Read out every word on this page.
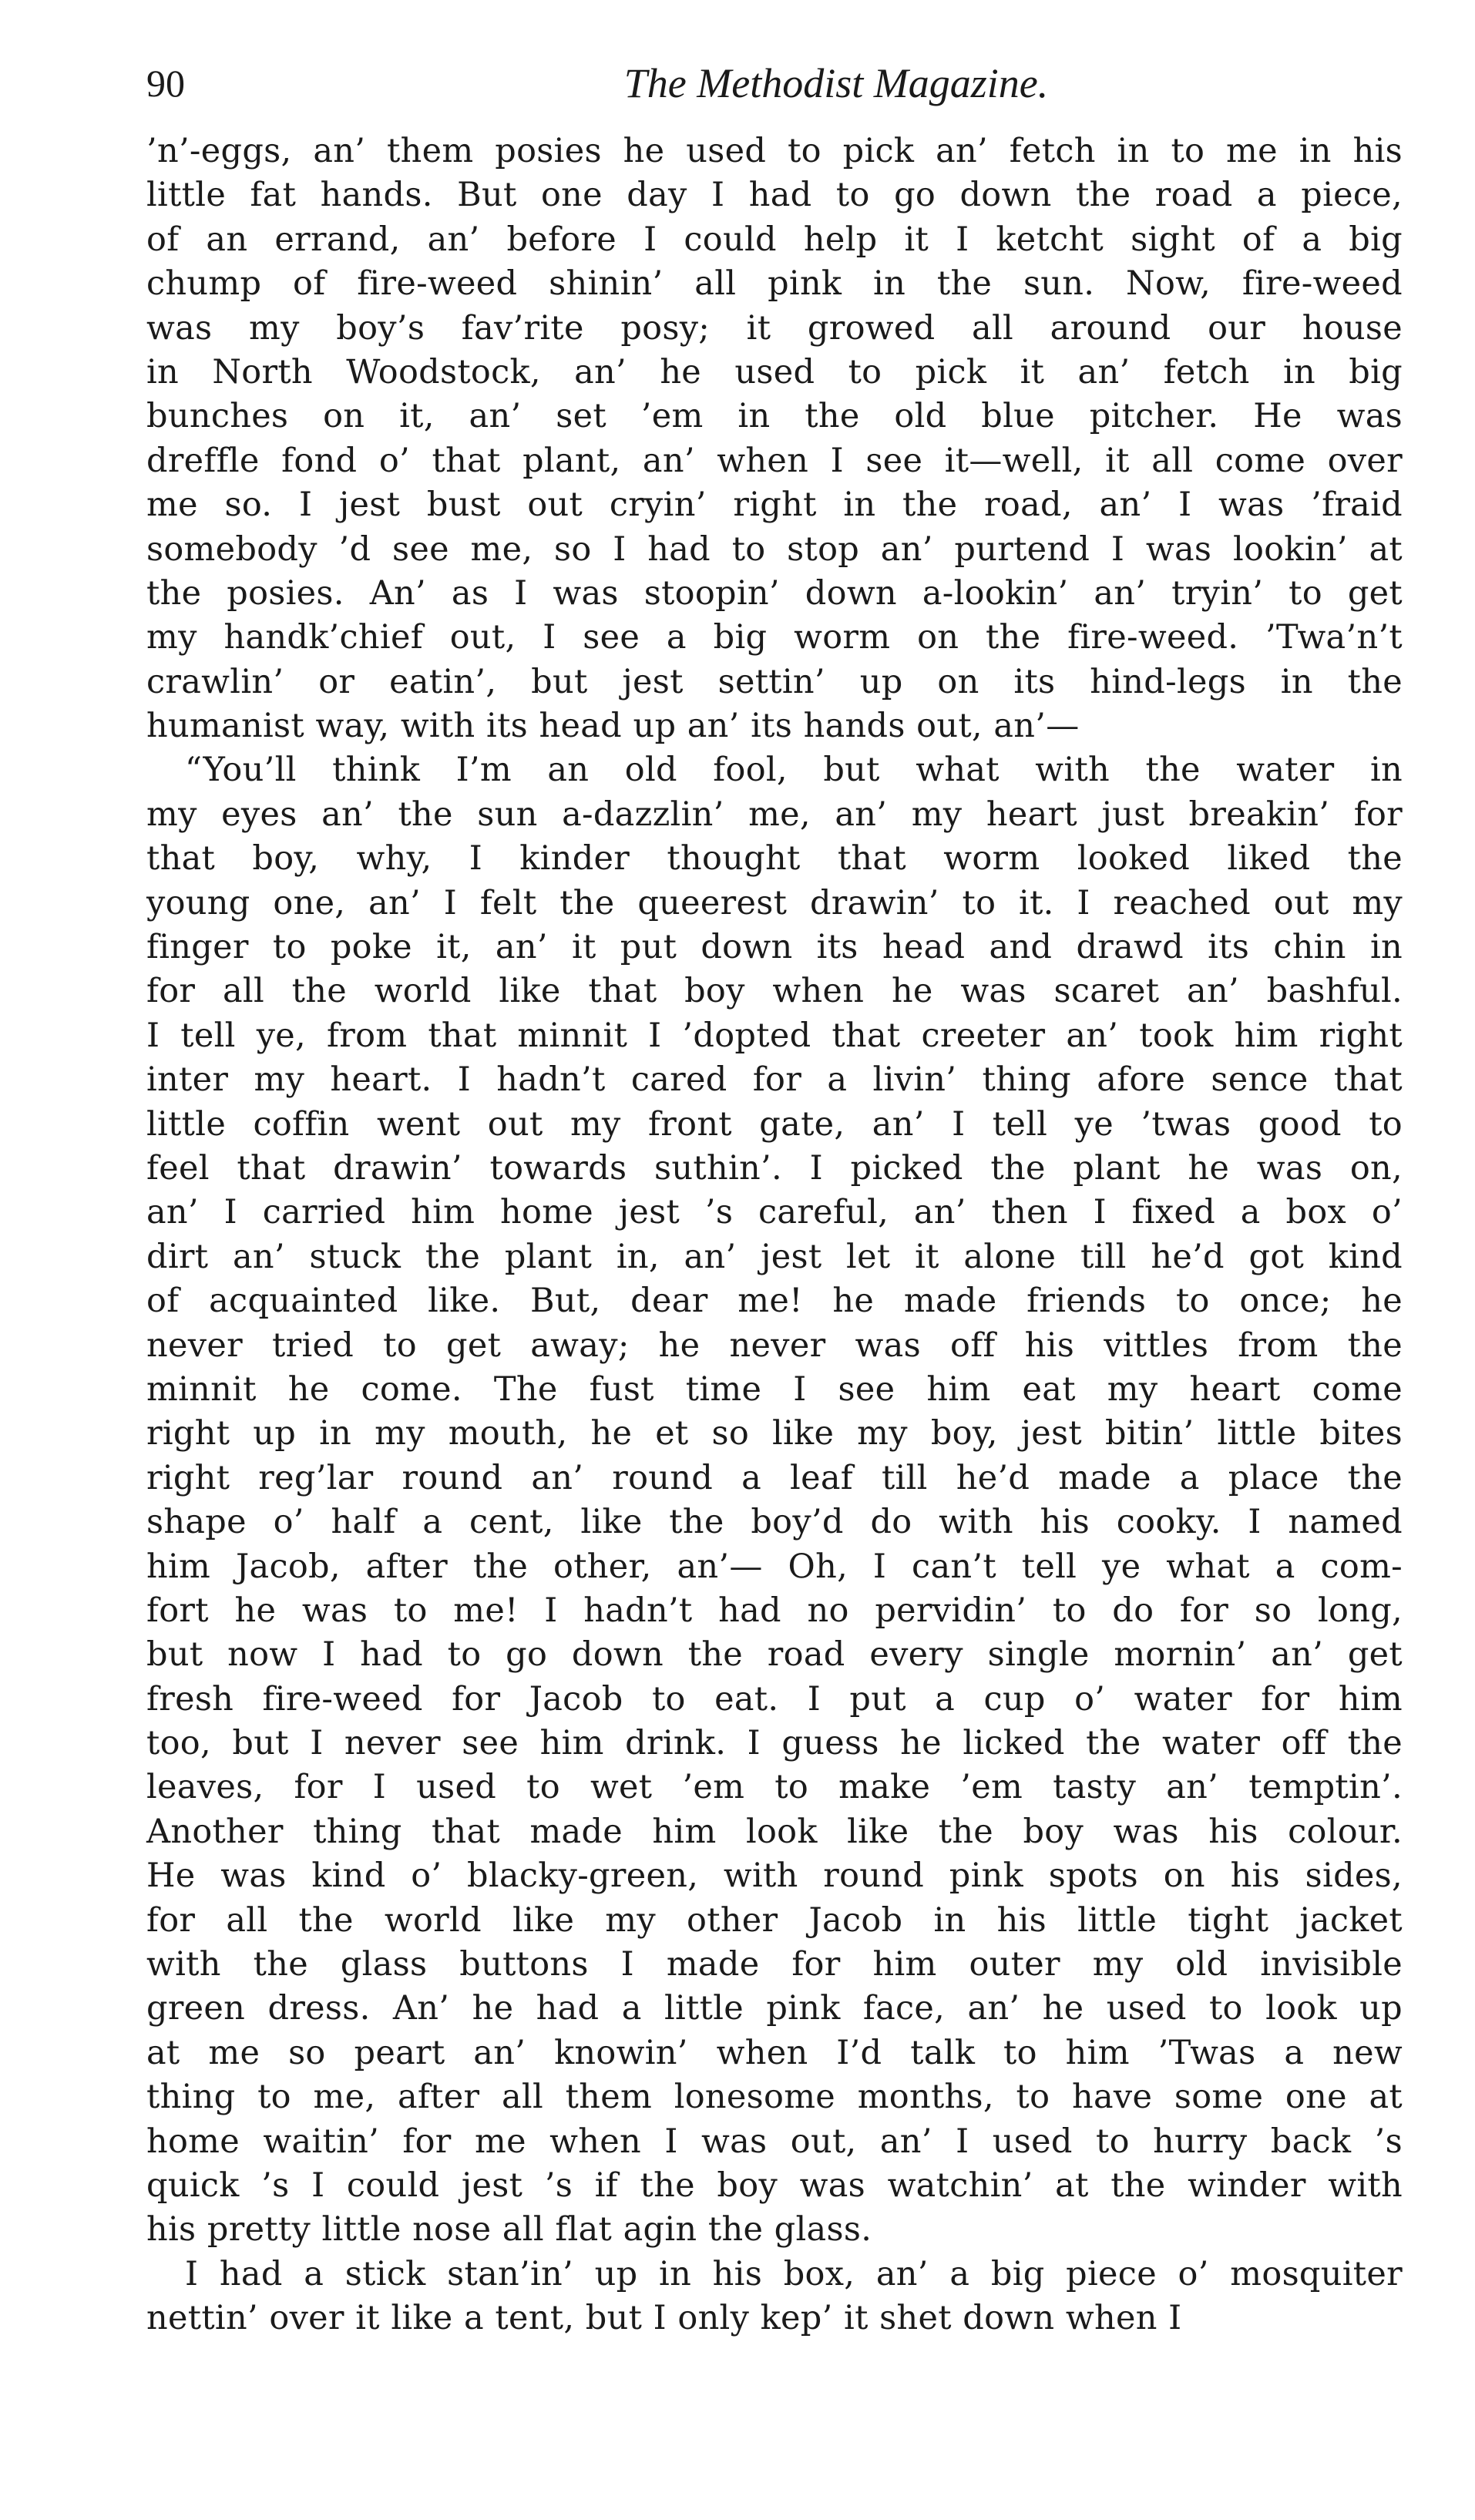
90	The Methodist Magazine.
’n’-eggs, an’ them posies he used to pick an’ fetch in to me in his
little fat hands. But one day I had to go down the road a piece,
of an errand, an’ before I could help it I ketcht sight of a big
chump of fire-weed shinin’ all pink in the sun. Now, fire-weed
was my boy’s fav’rite posy; it growed all around our house
in North Woodstock, an’ he used to pick it an’ fetch in big
bunches on it, an’ set ’em in the old blue pitcher. He was
dreffle fond o’ that plant, an’ when I see it—well, it all come over
me so. I jest bust out cryin’ right in the road, an’ I was ’fraid
somebody ’d see me, so I had to stop an’ purtend I was lookin’ at
the posies. An’ as I was stoopin’ down a-lookin’ an’ tryin’ to get
my handk’chief out, I see a big worm on the fire-weed. ’Twa’n’t
crawlin’ or eatin’, but jest settin’ up on its hind-legs in the
humanist way, with its head up an’ its hands out, an’—
“You’ll think I’m an old fool, but what with the water in
my eyes an’ the sun a-dazzlin’ me, an’ my heart just breakin’ for
that boy, why, I kinder thought that worm looked liked the
young one, an’ I felt the queerest drawin’ to it. I reached out my
finger to poke it, an’ it put down its head and drawd its chin in
for all the world like that boy when he was scaret an’ bashful.
I tell ye, from that minnit I ’dopted that creeter an’ took him right
inter my heart. I hadn’t cared for a livin’ thing afore sence that
little coffin went out my front gate, an’ I tell ye ’twas good to
feel that drawin’ towards suthin’. I picked the plant he was on,
an’ I carried him home jest ’s careful, an’ then I fixed a box o’
dirt an’ stuck the plant in, an’ jest let it alone till he’d got kind
of acquainted like. But, dear me! he made friends to once; he
never tried to get away; he never was off his vittles from the
minnit he come. The fust time I see him eat my heart come
right up in my mouth, he et so like my boy, jest bitin’ little bites
right reg’lar round an’ round a leaf till he’d made a place the
shape o’ half a cent, like the boy’d do with his cooky. I named
him Jacob, after the other, an’— Oh, I can’t tell ye what a com-
fort he was to me! I hadn’t had no pervidin’ to do for so long,
but now I had to go down the road every single mornin’ an’ get
fresh fire-weed for Jacob to eat. I put a cup o’ water for him
too, but I never see him drink. I guess he licked the water off the
leaves, for I used to wet ’em to make ’em tasty an’ temptin’.
Another thing that made him look like the boy was his colour.
He was kind o’ blacky-green, with round pink spots on his sides,
for all the world like my other Jacob in his little tight jacket
with the glass buttons I made for him outer my old invisible
green dress. An’ he had a little pink face, an’ he used to look up
at me so peart an’ knowin’ when I’d talk to him ’Twas a new
thing to me, after all them lonesome months, to have some one at
home waitin’ for me when I was out, an’ I used to hurry back ’s
quick ’s I could jest ’s if the boy was watchin’ at the winder with
his pretty little nose all flat agin the glass.
I had a stick stan’in’ up in his box, an’ a big piece o’ mosquiter
nettin’ over it like a tent, but I only kep’ it shet down when I
